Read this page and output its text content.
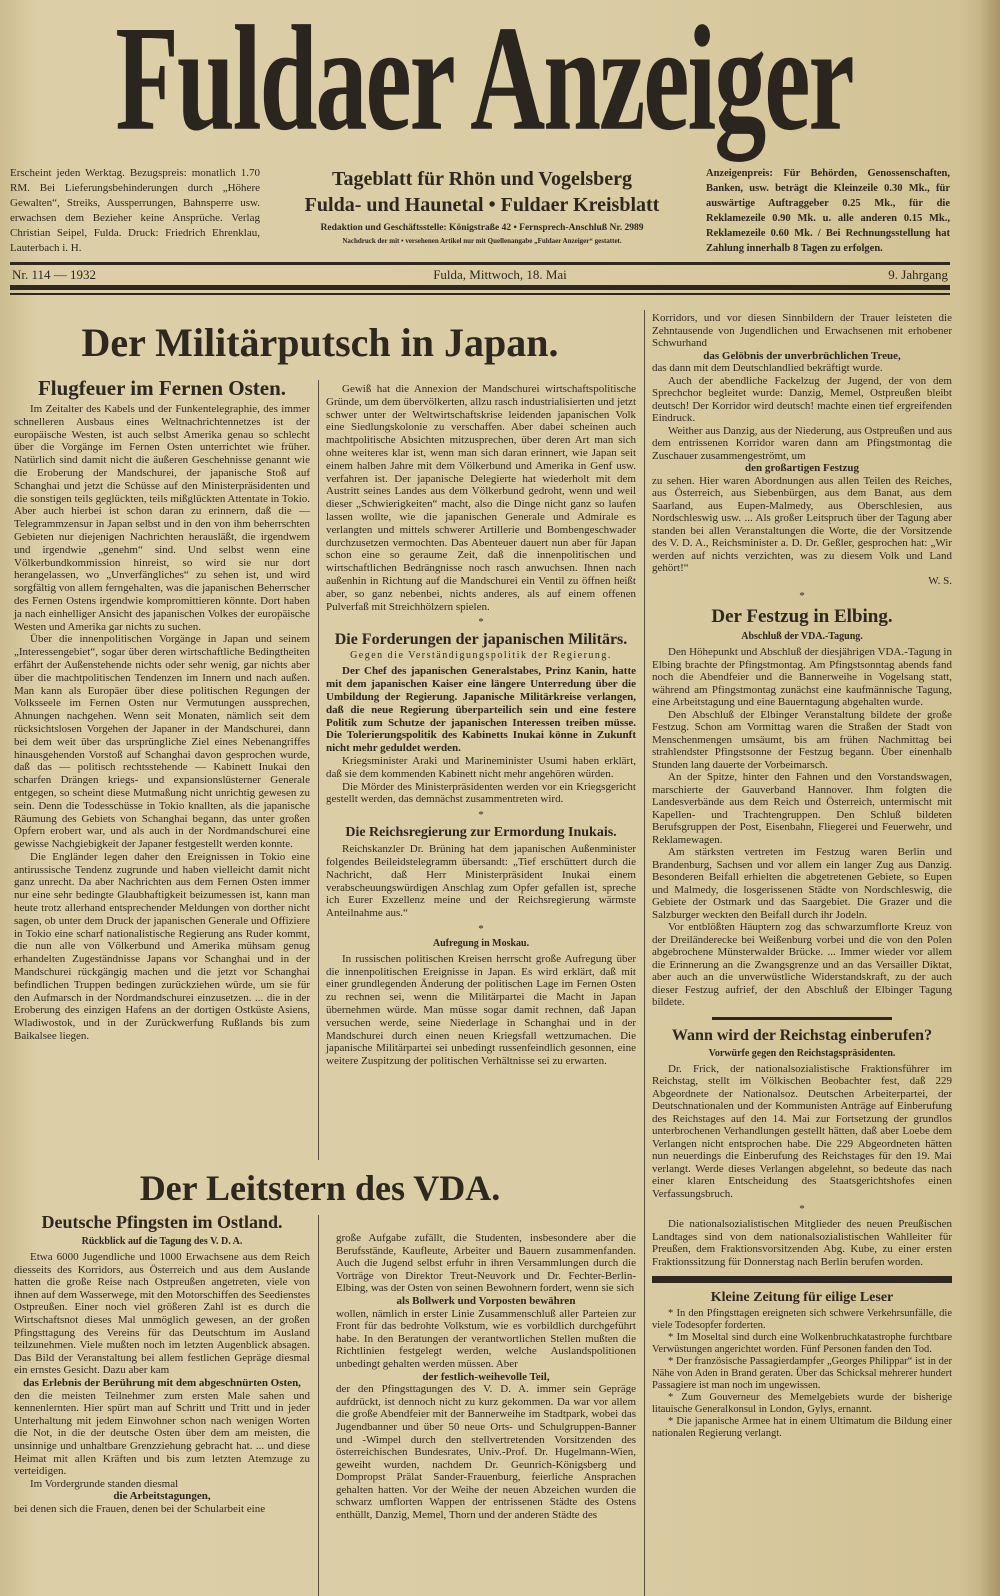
Fuldaer Anzeiger
Erscheint jeden Werktag. Bezugspreis: monatlich 1.70 RM. Bei Lieferungsbehinderungen durch „Höhere Gewalten“, Streiks, Aussperrungen, Bahnsperre usw. erwachsen dem Bezieher keine Ansprüche. Verlag Christian Seipel, Fulda. Druck: Friedrich Ehrenklau, Lauterbach i. H.
Tageblatt für Rhön und Vogelsberg
Fulda- und Haunetal • Fuldaer Kreisblatt
Redaktion und Geschäftsstelle: Königstraße 42 • Fernsprech-Anschluß Nr. 2989
Nachdruck der mit • versehenen Artikel nur mit Quellenangabe „Fuldaer Anzeiger“ gestattet.
Anzeigenpreis: Für Behörden, Genossenschaften, Banken, usw. beträgt die Kleinzeile 0.30 Mk., für auswärtige Auftraggeber 0.25 Mk., für die Reklamezeile 0.90 Mk. u. alle anderen 0.15 Mk., Reklamezeile 0.60 Mk. / Bei Rechnungsstellung hat Zahlung innerhalb 8 Tagen zu erfolgen.
Nr. 114 — 1932	Fulda, Mittwoch, 18. Mai	9. Jahrgang
Der Militärputsch in Japan.
Flugfeuer im Fernen Osten.

Im Zeitalter des Kabels und der Funkentelegraphie, des immer schnelleren Ausbaus eines Weltnachrichtennetzes ist der europäische Westen, ist auch selbst Amerika genau so schlecht über die Vorgänge im Fernen Osten unterrichtet wie früher. Natürlich sind damit nicht die äußeren Geschehnisse genannt wie die Eroberung der Mandschurei, der japanische Stoß auf Schanghai und jetzt die Schüsse auf den Ministerpräsidenten und die sonstigen teils geglückten, teils mißglückten Attentate in Tokio. Aber auch hierbei ist schon daran zu erinnern, daß die — Telegrammzensur in Japan selbst und in den von ihm beherrschten Gebieten nur diejenigen Nachrichten herausläßt, die irgendwem und irgendwie „genehm“ sind. Und selbst wenn eine Völkerbundkommission hinreist, so wird sie nur dort herangelassen, wo „Unverfängliches“ zu sehen ist, und wird sorgfältig von allem ferngehalten, was die japanischen Beherrscher des Fernen Ostens irgendwie kompromittieren könnte. Dort haben ja nach einhelliger Ansicht des japanischen Volkes der europäische Westen und Amerika gar nichts zu suchen.

Über die innenpolitischen Vorgänge in Japan und seinem „Interessengebiet“, sogar über deren wirtschaftliche Bedingtheiten erfährt der Außenstehende nichts oder sehr wenig, gar nichts aber über die machtpolitischen Tendenzen im Innern und nach außen. Man kann als Europäer über diese politischen Regungen der Volksseele im Fernen Osten nur Vermutungen aussprechen, Ahnungen nachgehen. Wenn seit Monaten, nämlich seit dem rücksichtslosen Vorgehen der Japaner in der Mandschurei, dann bei dem weit über das ursprüngliche Ziel eines Nebenangriffes hinausgehenden Vorstoß auf Schanghai davon gesprochen wurde, daß das — politisch rechtsstehende — Kabinett Inukai den scharfen Drängen kriegs- und expansionslüsterner Generale entgegen, so scheint diese Mutmaßung nicht unrichtig gewesen zu sein. Denn die Todesschüsse in Tokio knallten, als die japanische Räumung des Gebiets von Schanghai begann, das unter großen Opfern erobert war, und als auch in der Nordmandschurei eine gewisse Nachgiebigkeit der Japaner festgestellt werden konnte.

Die Engländer legen daher den Ereignissen in Tokio eine antirussische Tendenz zugrunde und haben vielleicht damit nicht ganz unrecht. Da aber Nachrichten aus dem Fernen Osten immer nur eine sehr bedingte Glaubhaftigkeit beizumessen ist, kann man heute trotz allerhand entsprechender Meldungen von dorther nicht sagen, ob unter dem Druck der japanischen Generale und Offiziere in Tokio eine scharf nationalistische Regierung ans Ruder kommt, die nun alle von Völkerbund und Amerika mühsam genug erhandelten Zugeständnisse Japans vor Schanghai und in der Mandschurei rückgängig machen und die jetzt vor Schanghai befindlichen Truppen bedingen zurückziehen würde, um sie für den Aufmarsch in der Nordmandschurei einzusetzen. ... die in der Eroberung des einzigen Hafens an der dortigen Ostküste Asiens, Wladiwostok, und in der Zurückwerfung Rußlands bis zum Baikalsee liegen.

Gewiß hat die Annexion der Mandschurei wirtschaftspolitische Gründe, um dem übervölkerten, allzu rasch industrialisierten und jetzt schwer unter der Weltwirtschaftskrise leidenden japanischen Volk eine Siedlungskolonie zu verschaffen. Aber dabei scheinen auch machtpolitische Absichten mitzusprechen, über deren Art man sich ohne weiteres klar ist, wenn man sich daran erinnert, wie Japan seit einem halben Jahre mit dem Völkerbund und Amerika in Genf usw. verfahren ist. Der japanische Delegierte hat wiederholt mit dem Austritt seines Landes aus dem Völkerbund gedroht, wenn und weil dieser „Schwierigkeiten“ macht, also die Dinge nicht ganz so laufen lassen wollte, wie die japanischen Generale und Admirale es verlangten und mittels schwerer Artillerie und Bombengeschwader durchzusetzen vermochten. Das Abenteuer dauert nun aber für Japan schon eine so geraume Zeit, daß die innenpolitischen und wirtschaftlichen Bedrängnisse noch rasch anwuchsen. Ihnen nach außenhin in Richtung auf die Mandschurei ein Ventil zu öffnen heißt aber, so ganz nebenbei, nichts anderes, als auf einem offenen Pulverfaß mit Streichhölzern spielen.

*
Die Forderungen der japanischen Militärs.
Gegen die Verständigungspolitik der Regierung.

Der Chef des japanischen Generalstabes, Prinz Kanin, hatte mit dem japanischen Kaiser eine längere Unterredung über die Umbildung der Regierung. Japanische Militärkreise verlangen, daß die neue Regierung überparteilich sein und eine festere Politik zum Schutze der japanischen Interessen treiben müsse. Die Tolerierungspolitik des Kabinetts Inukai könne in Zukunft nicht mehr geduldet werden.

Kriegsminister Araki und Marineminister Usumi haben erklärt, daß sie dem kommenden Kabinett nicht mehr angehören würden.

Die Mörder des Ministerpräsidenten werden vor ein Kriegsgericht gestellt werden, das demnächst zusammentreten wird.

*
Die Reichsregierung zur Ermordung Inukais.

Reichskanzler Dr. Brüning hat dem japanischen Außenminister folgendes Beileidstelegramm übersandt: „Tief erschüttert durch die Nachricht, daß Herr Ministerpräsident Inukai einem verabscheuungswürdigen Anschlag zum Opfer gefallen ist, spreche ich Eurer Exzellenz meine und der Reichsregierung wärmste Anteilnahme aus.“

*
Aufregung in Moskau.

In russischen politischen Kreisen herrscht große Aufregung über die innenpolitischen Ereignisse in Japan. Es wird erklärt, daß mit einer grundlegenden Änderung der politischen Lage im Fernen Osten zu rechnen sei, wenn die Militärpartei die Macht in Japan übernehmen würde. Man müsse sogar damit rechnen, daß Japan versuchen werde, seine Niederlage in Schanghai und in der Mandschurei durch einen neuen Kriegsfall wettzumachen. Die japanische Militärpartei sei unbedingt russenfeindlich gesonnen, eine weitere Zuspitzung der politischen Verhältnisse sei zu erwarten.

Korridors, und vor diesen Sinnbildern der Trauer leisteten die Zehntausende von Jugendlichen und Erwachsenen mit erhobener Schwurhand

das Gelöbnis der unverbrüchlichen Treue,

das dann mit dem Deutschlandlied bekräftigt wurde.

Auch der abendliche Fackelzug der Jugend, der von dem Sprechchor begleitet wurde: Danzig, Memel, Ostpreußen bleibt deutsch! Der Korridor wird deutsch! machte einen tief ergreifenden Eindruck.

Weither aus Danzig, aus der Niederung, aus Ostpreußen und aus dem entrissenen Korridor waren dann am Pfingstmontag die Zuschauer zusammengeströmt, um

den großartigen Festzug

zu sehen. Hier waren Abordnungen aus allen Teilen des Reiches, aus Österreich, aus Siebenbürgen, aus dem Banat, aus dem Saarland, aus Eupen-Malmedy, aus Oberschlesien, aus Nordschleswig usw. ... Als großer Leitspruch über der Tagung aber standen bei allen Veranstaltungen die Worte, die der Vorsitzende des V. D. A., Reichsminister a. D. Dr. Geßler, gesprochen hat: „Wir werden auf nichts verzichten, was zu diesem Volk und Land gehört!“

W. S.
*
Der Festzug in Elbing.
Abschluß der VDA.-Tagung.

Den Höhepunkt und Abschluß der diesjährigen VDA.-Tagung in Elbing brachte der Pfingstmontag. Am Pfingstsonntag abends fand noch die Abendfeier und die Bannerweihe in Vogelsang statt, während am Pfingstmontag zunächst eine kaufmännische Tagung, eine Arbeitstagung und eine Bauerntagung abgehalten wurde.

Den Abschluß der Elbinger Veranstaltung bildete der große Festzug. Schon am Vormittag waren die Straßen der Stadt von Menschenmengen umsäumt, bis am frühen Nachmittag bei strahlendster Pfingstsonne der Festzug begann. Über einenhalb Stunden lang dauerte der Vorbeimarsch.

An der Spitze, hinter den Fahnen und den Vorstandswagen, marschierte der Gauverband Hannover. Ihm folgten die Landesverbände aus dem Reich und Österreich, untermischt mit Kapellen- und Trachtengruppen. Den Schluß bildeten Berufsgruppen der Post, Eisenbahn, Fliegerei und Feuerwehr, und Reklamewagen.

Am stärksten vertreten im Festzug waren Berlin und Brandenburg, Sachsen und vor allem ein langer Zug aus Danzig. Besonderen Beifall erhielten die abgetretenen Gebiete, so Eupen und Malmedy, die losgerissenen Städte von Nordschleswig, die Gebiete der Ostmark und das Saargebiet. Die Grazer und die Salzburger weckten den Beifall durch ihr Jodeln.

Vor entblößten Häuptern zog das schwarzumflorte Kreuz von der Dreiländerecke bei Weißenburg vorbei und die von den Polen abgebrochene Münsterwalder Brücke. ... Immer wieder vor allem die Erinnerung an die Zwangsgrenze und an das Versailler Diktat, aber auch an die unverwüstliche Widerstandskraft, zu der auch dieser Festzug aufrief, der den Abschluß der Elbinger Tagung bildete.

Wann wird der Reichstag einberufen?
Vorwürfe gegen den Reichstagspräsidenten.

Dr. Frick, der nationalsozialistische Fraktionsführer im Reichstag, stellt im Völkischen Beobachter fest, daß 229 Abgeordnete der Nationalsoz. Deutschen Arbeiterpartei, der Deutschnationalen und der Kommunisten Anträge auf Einberufung des Reichstages auf den 14. Mai zur Fortsetzung der grundlos unterbrochenen Verhandlungen gestellt hätten, daß aber Loebe dem Verlangen nicht entsprochen habe. Die 229 Abgeordneten hätten nun neuerdings die Einberufung des Reichstages für den 19. Mai verlangt. Werde dieses Verlangen abgelehnt, so bedeute das nach einer klaren Entscheidung des Staatsgerichtshofes einen Verfassungsbruch.

*

Die nationalsozialistischen Mitglieder des neuen Preußischen Landtages sind von dem nationalsozialistischen Wahlleiter für Preußen, dem Fraktionsvorsitzenden Abg. Kube, zu einer ersten Fraktionssitzung für Donnerstag nach Berlin berufen worden.

Kleine Zeitung für eilige Leser

* In den Pfingsttagen ereigneten sich schwere Verkehrsunfälle, die viele Todesopfer forderten.

* Im Moseltal sind durch eine Wolkenbruchkatastrophe furchtbare Verwüstungen angerichtet worden. Fünf Personen fanden den Tod.

* Der französische Passagierdampfer „Georges Philippar“ ist in der Nähe von Aden in Brand geraten. Über das Schicksal mehrerer hundert Passagiere ist man noch im ungewissen.

* Zum Gouverneur des Memelgebiets wurde der bisherige litauische Generalkonsul in London, Gylys, ernannt.

* Die japanische Armee hat in einem Ultimatum die Bildung einer nationalen Regierung verlangt.

Der Leitstern des VDA.
Deutsche Pfingsten im Ostland.
Rückblick auf die Tagung des V. D. A.

Etwa 6000 Jugendliche und 1000 Erwachsene aus dem Reich diesseits des Korridors, aus Österreich und aus dem Auslande hatten die große Reise nach Ostpreußen angetreten, viele von ihnen auf dem Wasserwege, mit den Motorschiffen des Seedienstes Ostpreußen. Einer noch viel größeren Zahl ist es durch die Wirtschaftsnot dieses Mal unmöglich gewesen, an der großen Pfingsttagung des Vereins für das Deutschtum im Ausland teilzunehmen. Viele mußten noch im letzten Augenblick absagen. Das Bild der Veranstaltung bei allem festlichen Gepräge diesmal ein ernstes Gesicht. Dazu aber kam

das Erlebnis der Berührung mit dem abgeschnürten Osten,

den die meisten Teilnehmer zum ersten Male sahen und kennenlernten. Hier spürt man auf Schritt und Tritt und in jeder Unterhaltung mit jedem Einwohner schon nach wenigen Worten die Not, in die der deutsche Osten über dem am meisten, die unsinnige und unhaltbare Grenzziehung gebracht hat. ... und diese Heimat mit allen Kräften und bis zum letzten Atemzuge zu verteidigen.

Im Vordergrunde standen diesmal

die Arbeitstagungen,

bei denen sich die Frauen, denen bei der Schularbeit eine

große Aufgabe zufällt, die Studenten, insbesondere aber die Berufsstände, Kaufleute, Arbeiter und Bauern zusammenfanden. Auch die Jugend selbst erfuhr in ihren Versammlungen durch die Vorträge von Direktor Treut-Neuvork und Dr. Fechter-Berlin-Elbing, was der Osten von seinen Bewohnern fordert, wenn sie sich

als Bollwerk und Vorposten bewähren

wollen, nämlich in erster Linie Zusammenschluß aller Parteien zur Front für das bedrohte Volkstum, wie es vorbildlich durchgeführt habe. In den Beratungen der verantwortlichen Stellen mußten die Richtlinien festgelegt werden, welche Auslandspolitionen unbedingt gehalten werden müssen. Aber

der festlich-weihevolle Teil,

der den Pfingsttagungen des V. D. A. immer sein Gepräge aufdrückt, ist dennoch nicht zu kurz gekommen. Da war vor allem die große Abendfeier mit der Bannerweihe im Stadtpark, wobei das Jugendbanner und über 50 neue Orts- und Schulgruppen-Banner und -Wimpel durch den stellvertretenden Vorsitzenden des österreichischen Bundesrates, Univ.-Prof. Dr. Hugelmann-Wien, geweiht wurden, nachdem Dr. Geunrich-Königsberg und Dompropst Prälat Sander-Frauenburg, feierliche Ansprachen gehalten hatten. Vor der Weihe der neuen Abzeichen wurden die schwarz umflorten Wappen der entrissenen Städte des Ostens enthüllt, Danzig, Memel, Thorn und der anderen Städte des
